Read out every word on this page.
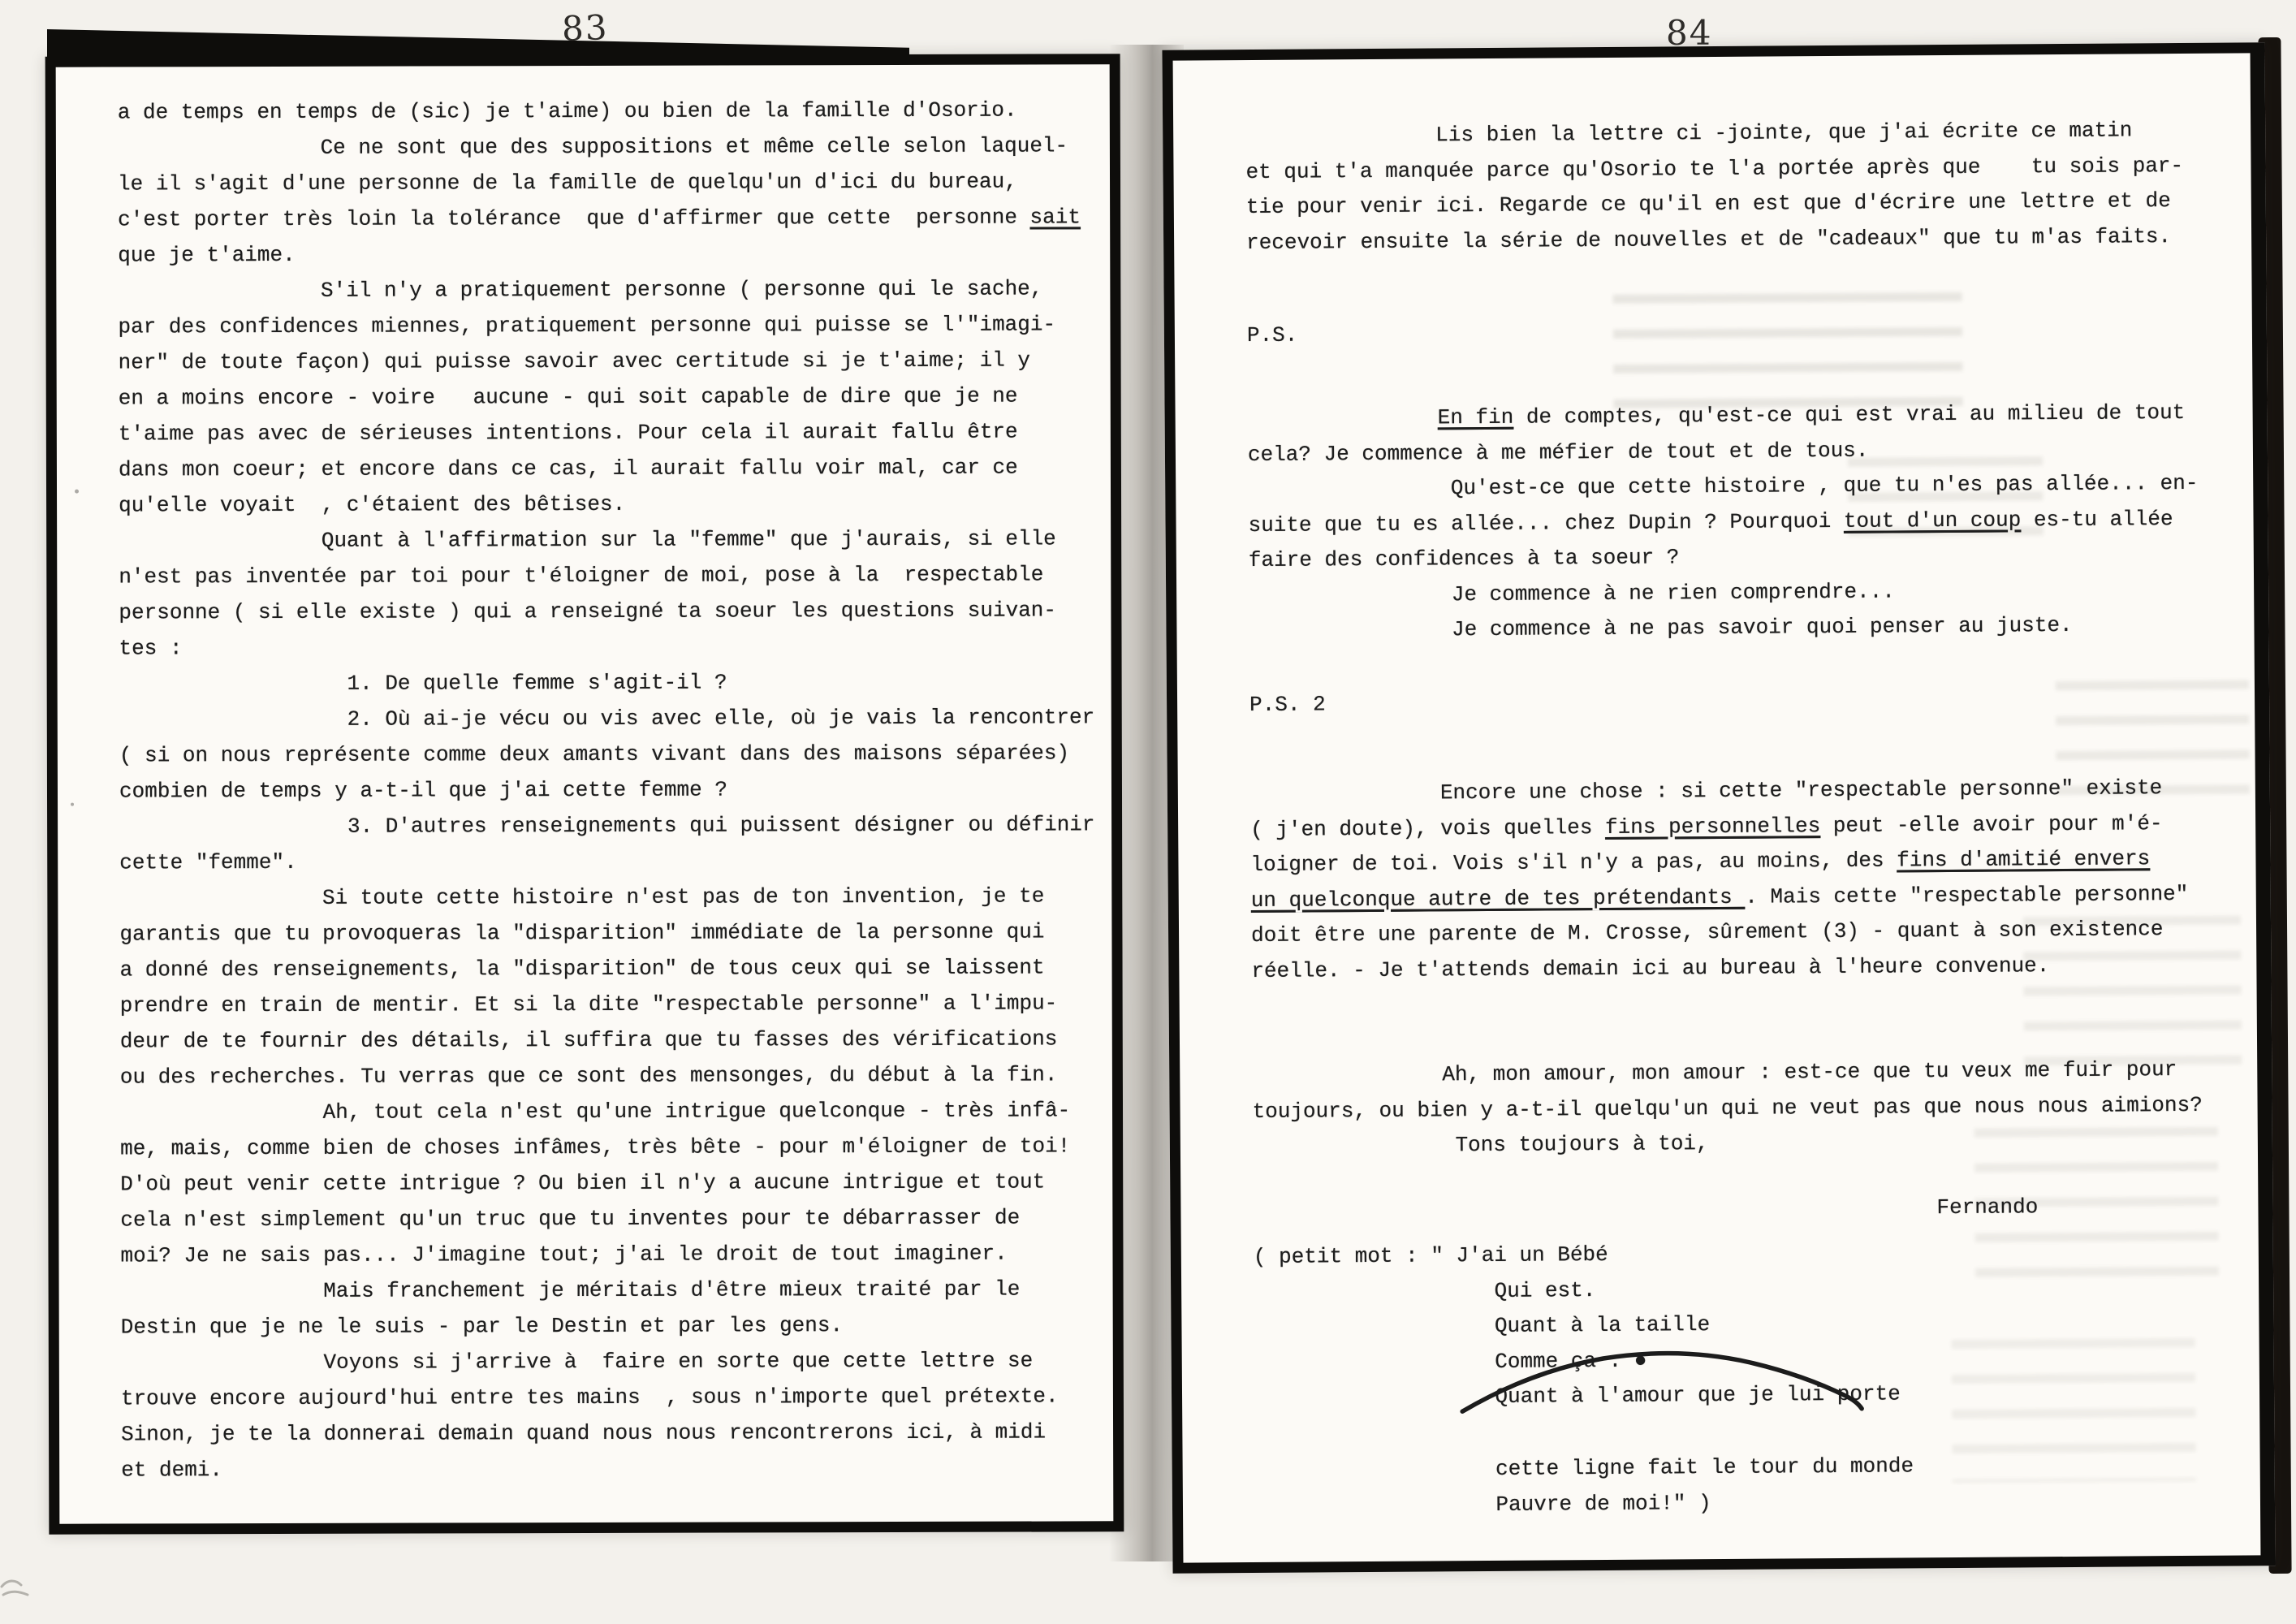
83	84
a de temps en temps de (sic) je t'aime) ou bien de la famille d'Osorio.
Ce ne sont que des suppositions et même celle selon laquel-
le il s'agit d'une personne de la famille de quelqu'un d'ici du bureau,
c'est porter très loin la tolérance  que d'affirmer que cette  personne sait
que je t'aime.
S'il n'y a pratiquement personne ( personne qui le sache,
par des confidences miennes, pratiquement personne qui puisse se l'"imagi-
ner" de toute façon) qui puisse savoir avec certitude si je t'aime; il y
en a moins encore - voire   aucune - qui soit capable de dire que je ne
t'aime pas avec de sérieuses intentions. Pour cela il aurait fallu être
dans mon coeur; et encore dans ce cas, il aurait fallu voir mal, car ce
qu'elle voyait  , c'étaient des bêtises.
Quant à l'affirmation sur la "femme" que j'aurais, si elle
n'est pas inventée par toi pour t'éloigner de moi, pose à la  respectable
personne ( si elle existe ) qui a renseigné ta soeur les questions suivan-
tes :
1. De quelle femme s'agit-il ?
2. Où ai-je vécu ou vis avec elle, où je vais la rencontrer
( si on nous représente comme deux amants vivant dans des maisons séparées)
combien de temps y a-t-il que j'ai cette femme ?
3. D'autres renseignements qui puissent désigner ou définir
cette "femme".
Si toute cette histoire n'est pas de ton invention, je te
garantis que tu provoqueras la "disparition" immédiate de la personne qui
a donné des renseignements, la "disparition" de tous ceux qui se laissent
prendre en train de mentir. Et si la dite "respectable personne" a l'impu-
deur de te fournir des détails, il suffira que tu fasses des vérifications
ou des recherches. Tu verras que ce sont des mensonges, du début à la fin.
Ah, tout cela n'est qu'une intrigue quelconque - très infâ-
me, mais, comme bien de choses infâmes, très bête - pour m'éloigner de toi!
D'où peut venir cette intrigue ? Ou bien il n'y a aucune intrigue et tout
cela n'est simplement qu'un truc que tu inventes pour te débarrasser de
moi? Je ne sais pas... J'imagine tout; j'ai le droit de tout imaginer.
Mais franchement je méritais d'être mieux traité par le
Destin que je ne le suis - par le Destin et par les gens.
Voyons si j'arrive à  faire en sorte que cette lettre se
trouve encore aujourd'hui entre tes mains  , sous n'importe quel prétexte.
Sinon, je te la donnerai demain quand nous nous rencontrerons ici, à midi
et demi.
Lis bien la lettre ci -jointe, que j'ai écrite ce matin
et qui t'a manquée parce qu'Osorio te l'a portée après que    tu sois par-
tie pour venir ici. Regarde ce qu'il en est que d'écrire une lettre et de
recevoir ensuite la série de nouvelles et de "cadeaux" que tu m'as faits.
P.S.
En fin de comptes, qu'est-ce qui est vrai au milieu de tout
cela? Je commence à me méfier de tout et de tous.
Qu'est-ce que cette histoire , que tu n'es pas allée... en-
suite que tu es allée... chez Dupin ? Pourquoi tout d'un coup es-tu allée
faire des confidences à ta soeur ?
Je commence à ne rien comprendre...
Je commence à ne pas savoir quoi penser au juste.
P.S. 2
Encore une chose : si cette "respectable personne" existe
( j'en doute), vois quelles fins personnelles peut -elle avoir pour m'é-
loigner de toi. Vois s'il n'y a pas, au moins, des fins d'amitié envers
un quelconque autre de tes prétendants . Mais cette "respectable personne"
doit être une parente de M. Crosse, sûrement (3) - quant à son existence
réelle. - Je t'attends demain ici au bureau à l'heure convenue.
Ah, mon amour, mon amour : est-ce que tu veux me fuir pour
toujours, ou bien y a-t-il quelqu'un qui ne veut pas que nous nous aimions?
Tons toujours à toi,
Fernando
( petit mot : " J'ai un Bébé
Qui est.
Quant à la taille
Comme ça : ●
Quant à l'amour que je lui porte
cette ligne fait le tour du monde
Pauvre de moi!" )
